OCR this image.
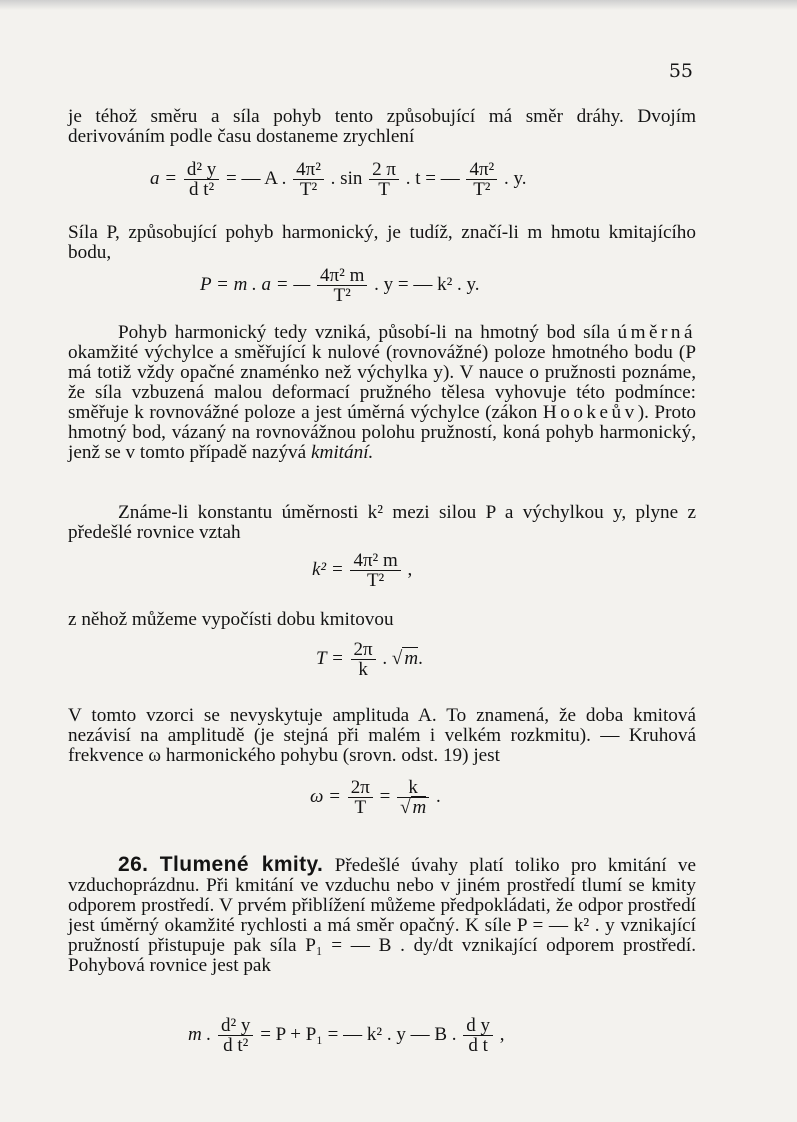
55

je téhož směru a síla pohyb tento způsobující má směr dráhy. Dvojím derivováním podle času dostaneme zrychlení

$a = \frac{\text{d² y}}{\text{d t²}}$ = — A . $\frac{\text{4π²}}{\text{T²}}$ . $\sin \frac{2 \pi}{T}$ . t = — $\frac{\text{4π²}}{\text{T²}}$ . y.

Síla P, způsobující pohyb harmonický, je tudíž, značí-li m hmotu kmitajícího bodu,

P = m . a = — $\frac{\text{4π² m}}{\text{T²}}$ . y = — k² . y.

Pohyb harmonický tedy vzniká, působí-li na hmotný bod síla úměrná okamžité výchylce a směřující k nulové (rovnovážné) poloze hmotného bodu (P má totiž vždy opačné znaménko než výchylka y). V nauce o pružnosti poznáme, že síla vzbuzená malou deformací pružného tělesa vyhovuje této podmínce: směřuje k rovnovážné poloze a jest úměrná výchylce (zákon Hookeův). Proto hmotný bod, vázaný na rovnovážnou polohu pružností, koná pohyb harmonický, jenž se v tomto případě nazývá kmitání.

Známe-li konstantu úměrnosti k² mezi silou P a výchylkou y, plyne z předešlé rovnice vztah

$k^2 = \frac{\text{4π² m}}{\text{T²}}$ ,

z něhož můžeme vypočísti dobu kmitovou

$T = \frac{2\pi}{k}$ . √ m.

V tomto vzorci se nevyskytuje amplituda A. To znamená, že doba kmitová nezávisí na amplitudě (je stejná při malém i velkém rozkmitu). — Kruhová frekvence ω harmonického pohybu (srovn. odst. 19) jest

$\omega = \frac{2\pi}{T} = \frac{k}{√ m}$ .

26. Tlumené kmity. Předešlé úvahy platí toliko pro kmitání ve vzduchoprázdnu. Při kmitání ve vzduchu nebo v jiném prostředí tlumí se kmity odporem prostředí. V prvém přiblížení můžeme předpokládati, že odpor prostředí jest úměrný okamžité rychlosti a má směr opačný. K síle P = — k² . y vznikající pružností přistupuje pak síla P₁ = — B . dy/dt vznikající odporem prostředí. Pohybová rovnice jest pak

m . $\frac{\text{d² y}}{\text{d t²}} = P + P_1$ = — k² . y — B . $\frac{\text{d y}}{\text{d t}}$ ,
